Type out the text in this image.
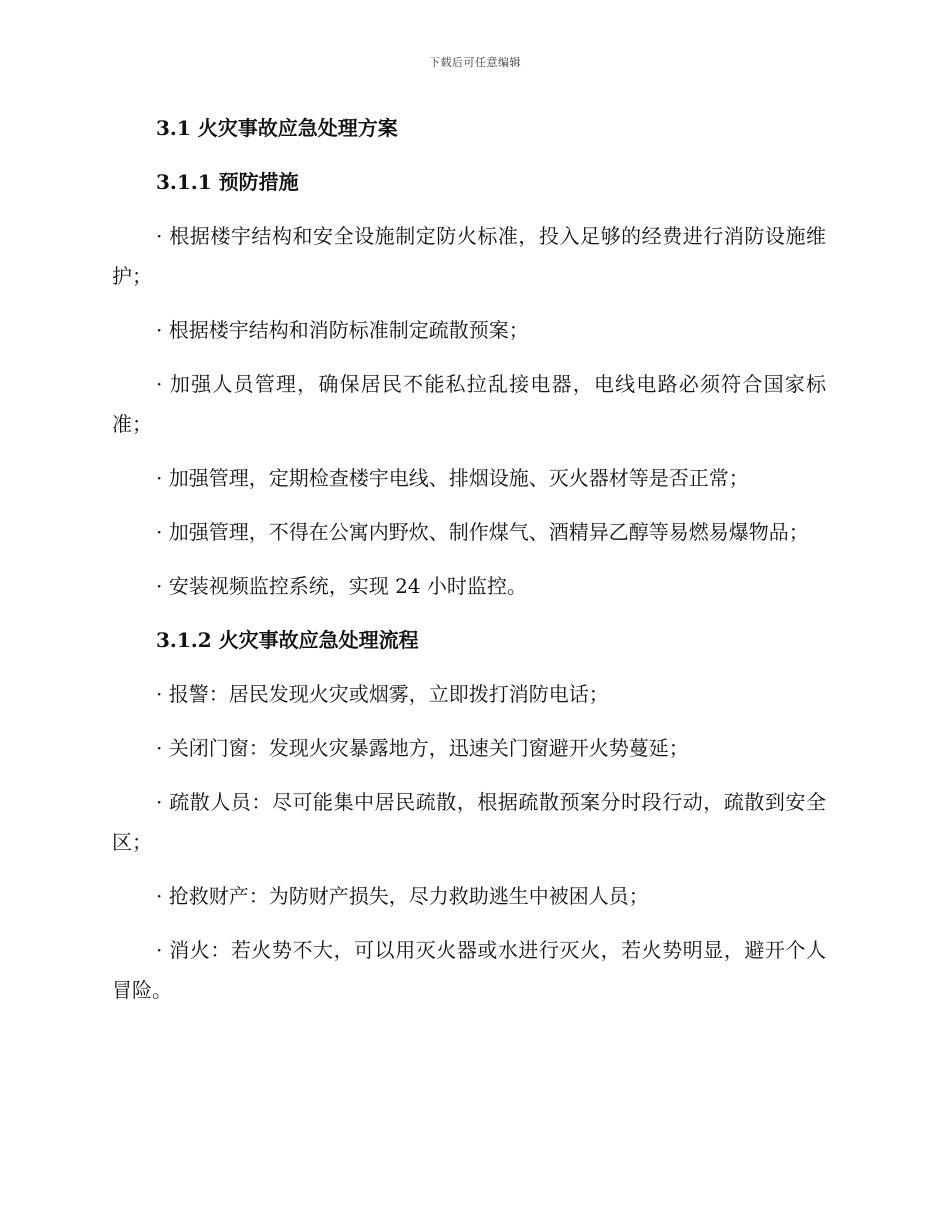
下载后可任意编辑
3.1 火灾事故应急处理方案
3.1.1 预防措施
· 根据楼宇结构和安全设施制定防火标准，投入足够的经费进行消防设施维护；
· 根据楼宇结构和消防标准制定疏散预案；
· 加强人员管理，确保居民不能私拉乱接电器，电线电路必须符合国家标准；
· 加强管理，定期检查楼宇电线、排烟设施、灭火器材等是否正常；
· 加强管理，不得在公寓内野炊、制作煤气、酒精异乙醇等易燃易爆物品；
· 安装视频监控系统，实现 24 小时监控。
3.1.2 火灾事故应急处理流程
· 报警：居民发现火灾或烟雾，立即拨打消防电话；
· 关闭门窗：发现火灾暴露地方，迅速关门窗避开火势蔓延；
· 疏散人员：尽可能集中居民疏散，根据疏散预案分时段行动，疏散到安全区；
· 抢救财产：为防财产损失，尽力救助逃生中被困人员；
· 消火：若火势不大，可以用灭火器或水进行灭火，若火势明显，避开个人冒险。
